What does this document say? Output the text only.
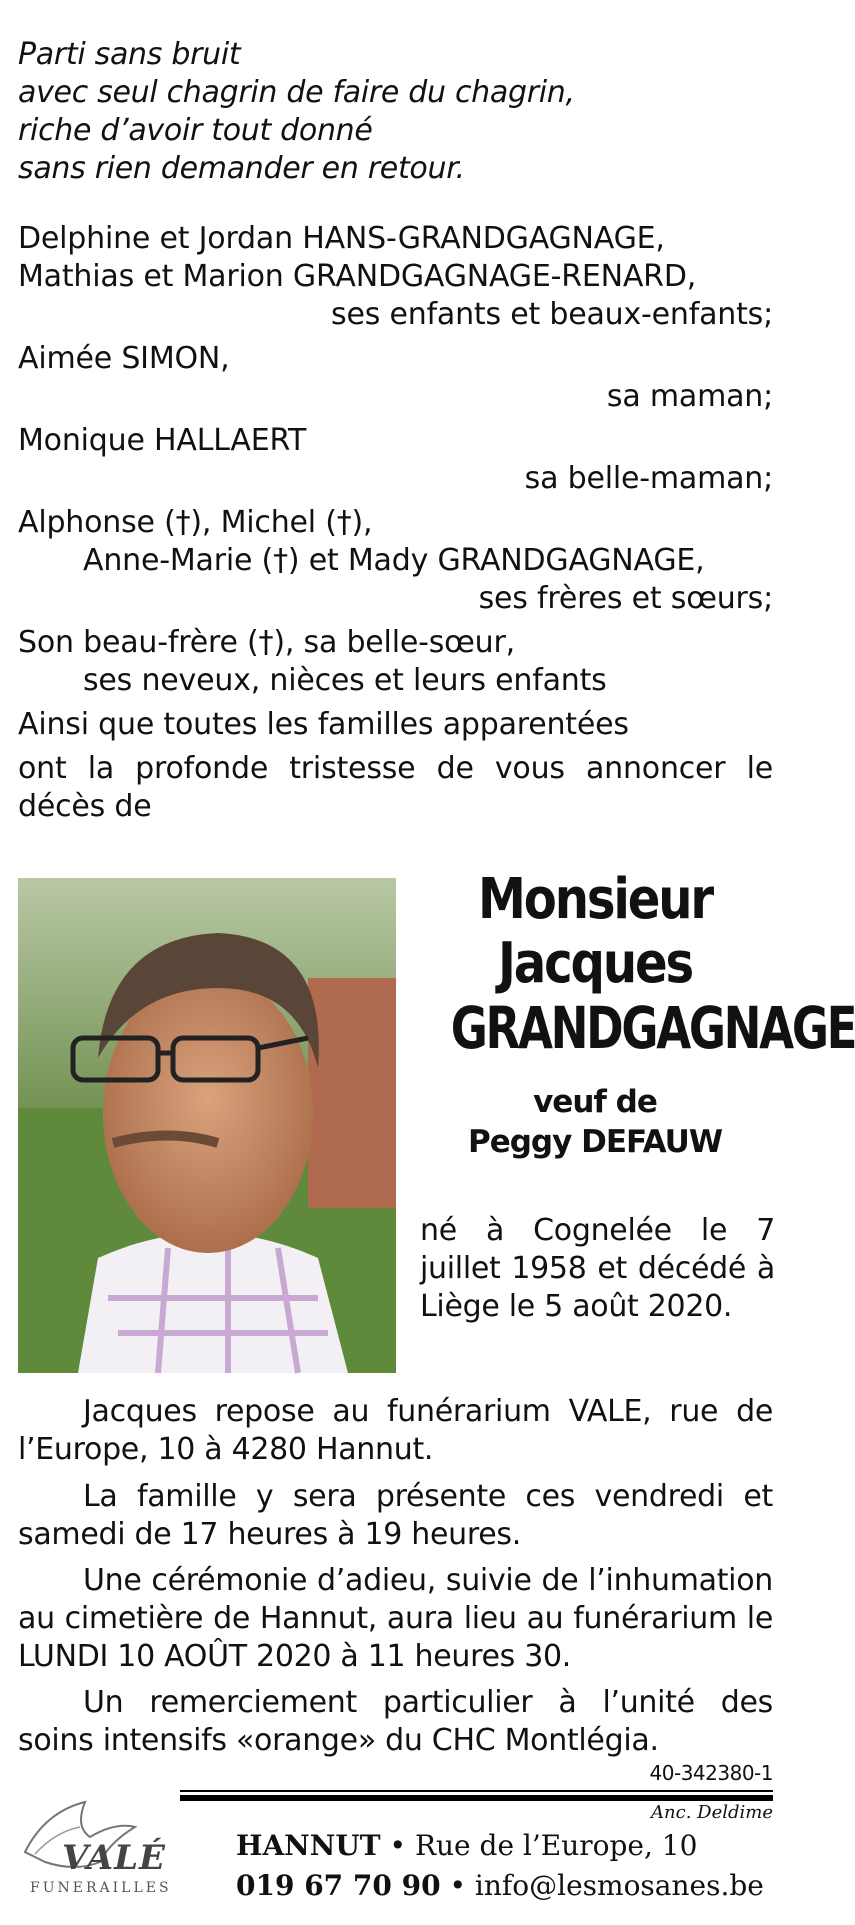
Parti sans bruit
avec seul chagrin de faire du chagrin,
riche d’avoir tout donné
sans rien demander en retour.
Delphine et Jordan HANS-GRANDGAGNAGE,
Mathias et Marion GRANDGAGNAGE-RENARD,
ses enfants et beaux-enfants;
Aimée SIMON,
sa maman;
Monique HALLAERT
sa belle-maman;
Alphonse (†), Michel (†),
Anne-Marie (†) et Mady GRANDGAGNAGE,
ses frères et sœurs;
Son beau-frère (†), sa belle-sœur,
ses neveux, nièces et leurs enfants
Ainsi que toutes les familles apparentées
ont la profonde tristesse de vous annoncer le décès de
Monsieur
Jacques
GRANDGAGNAGE
veuf de
Peggy DEFAUW
né à Cognelée le 7 juillet 1958 et décédé à Liège le 5 août 2020.
Jacques repose au funérarium VALE, rue de l’Europe, 10 à 4280 Hannut.
La famille y sera présente ces vendredi et samedi de 17 heures à 19 heures.
Une cérémonie d’adieu, suivie de l’inhumation au cimetière de Hannut, aura lieu au funérarium le LUNDI 10 AOÛT 2020 à 11 heures 30.
Un remerciement particulier à l’unité des soins intensifs «orange» du CHC Montlégia.
40-342380-1
Anc. Deldime
VALÉ
FUNERAILLES
HANNUT • Rue de l’Europe, 10
019 67 70 90 • info@lesmosanes.be
